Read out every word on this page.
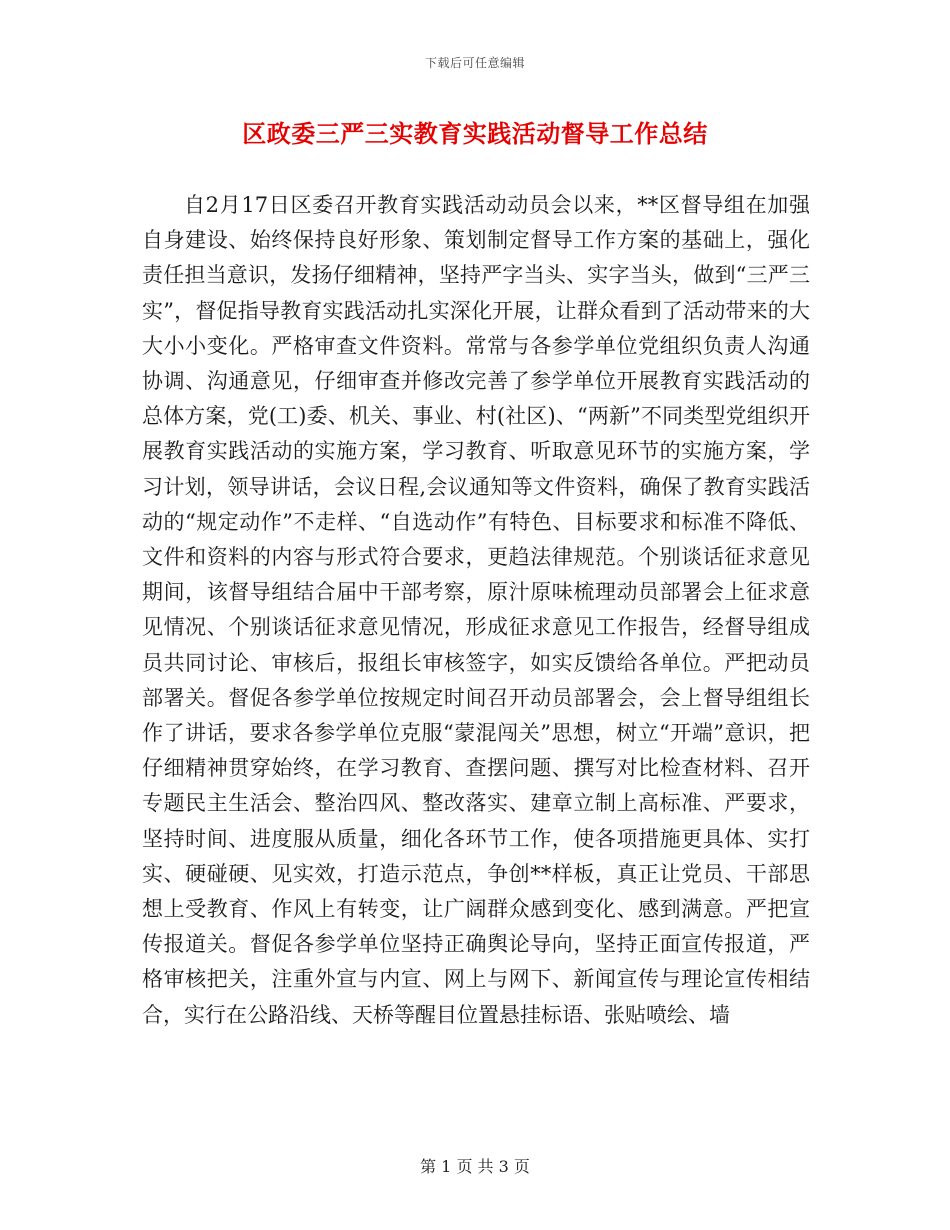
下载后可任意编辑
区政委三严三实教育实践活动督导工作总结

自2月17日区委召开教育实践活动动员会以来，**区督导组在加强自身建设、始终保持良好形象、策划制定督导工作方案的基础上，强化责任担当意识，发扬仔细精神，坚持严字当头、实字当头，做到“三严三实”，督促指导教育实践活动扎实深化开展，让群众看到了活动带来的大大小小变化。严格审查文件资料。常常与各参学单位党组织负责人沟通协调、沟通意见，仔细审查并修改完善了参学单位开展教育实践活动的总体方案，党(工)委、机关、事业、村(社区)、“两新”不同类型党组织开展教育实践活动的实施方案，学习教育、听取意见环节的实施方案，学习计划，领导讲话，会议日程,会议通知等文件资料，确保了教育实践活动的“规定动作”不走样、“自选动作”有特色、目标要求和标准不降低、文件和资料的内容与形式符合要求，更趋法律规范。个别谈话征求意见期间，该督导组结合届中干部考察，原汁原味梳理动员部署会上征求意见情况、个别谈话征求意见情况，形成征求意见工作报告，经督导组成员共同讨论、审核后，报组长审核签字，如实反馈给各单位。严把动员部署关。督促各参学单位按规定时间召开动员部署会，会上督导组组长作了讲话，要求各参学单位克服“蒙混闯关”思想，树立“开端”意识，把仔细精神贯穿始终，在学习教育、查摆问题、撰写对比检查材料、召开专题民主生活会、整治四风、整改落实、建章立制上高标准、严要求，坚持时间、进度服从质量，细化各环节工作，使各项措施更具体、实打实、硬碰硬、见实效，打造示范点，争创**样板，真正让党员、干部思想上受教育、作风上有转变，让广阔群众感到变化、感到满意。严把宣传报道关。督促各参学单位坚持正确舆论导向，坚持正面宣传报道，严格审核把关，注重外宣与内宣、网上与网下、新闻宣传与理论宣传相结合，实行在公路沿线、天桥等醒目位置悬挂标语、张贴喷绘、墙

第 1 页 共 3 页
